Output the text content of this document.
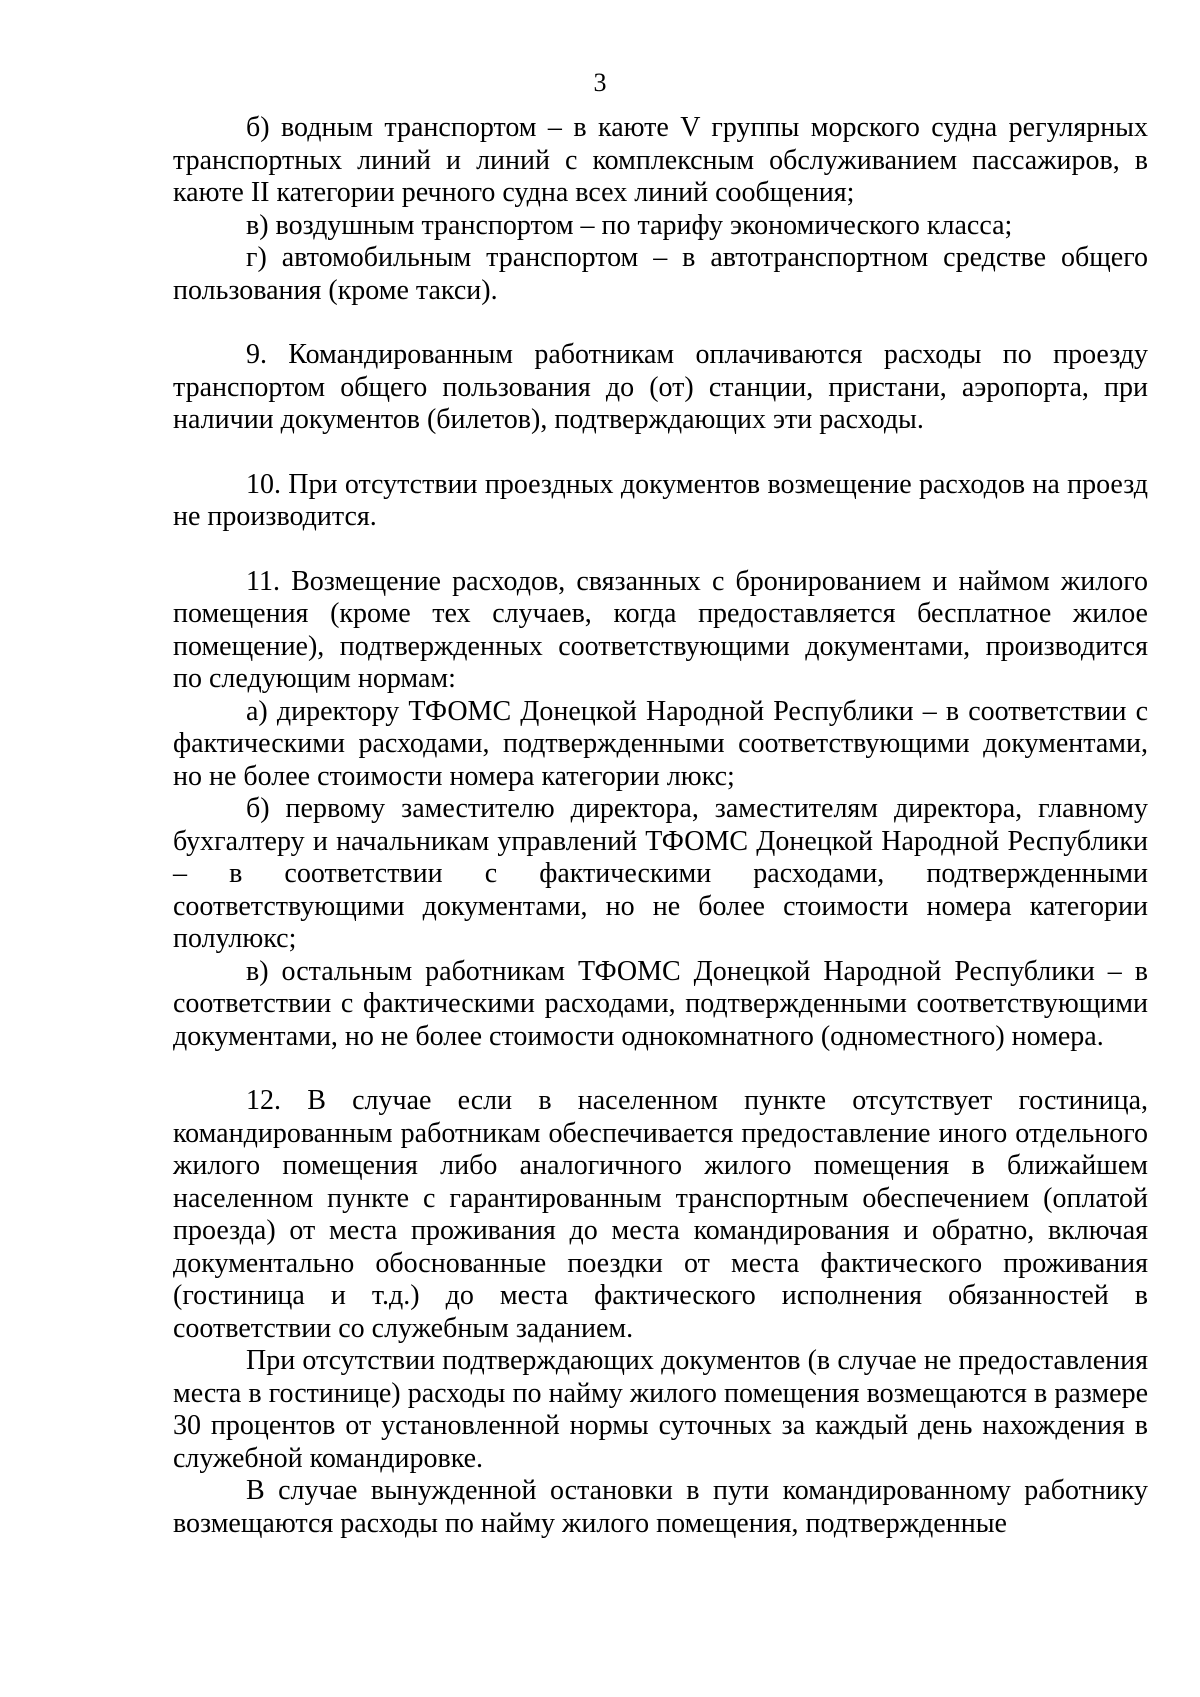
3

б) водным транспортом – в каюте V группы морского судна регулярных транспортных линий и линий с комплексным обслуживанием пассажиров, в каюте II категории речного судна всех линий сообщения;

в) воздушным транспортом – по тарифу экономического класса;

г) автомобильным транспортом – в автотранспортном средстве общего пользования (кроме такси).

9. Командированным работникам оплачиваются расходы по проезду транспортом общего пользования до (от) станции, пристани, аэропорта, при наличии документов (билетов), подтверждающих эти расходы.

10. При отсутствии проездных документов возмещение расходов на проезд не производится.

11. Возмещение расходов, связанных с бронированием и наймом жилого помещения (кроме тех случаев, когда предоставляется бесплатное жилое помещение), подтвержденных соответствующими документами, производится по следующим нормам:

а) директору ТФОМС Донецкой Народной Республики – в соответствии с фактическими расходами, подтвержденными соответствующими документами, но не более стоимости номера категории люкс;

б) первому заместителю директора, заместителям директора, главному бухгалтеру и начальникам управлений ТФОМС Донецкой Народной Республики – в соответствии с фактическими расходами, подтвержденными соответствующими документами, но не более стоимости номера категории полулюкс;

в) остальным работникам ТФОМС Донецкой Народной Республики – в соответствии с фактическими расходами, подтвержденными соответствующими документами, но не более стоимости однокомнатного (одноместного) номера.

12. В случае если в населенном пункте отсутствует гостиница, командированным работникам обеспечивается предоставление иного отдельного жилого помещения либо аналогичного жилого помещения в ближайшем населенном пункте с гарантированным транспортным обеспечением (оплатой проезда) от места проживания до места командирования и обратно, включая документально обоснованные поездки от места фактического проживания (гостиница и т.д.) до места фактического исполнения обязанностей в соответствии со служебным заданием.

При отсутствии подтверждающих документов (в случае не предоставления места в гостинице) расходы по найму жилого помещения возмещаются в размере 30 процентов от установленной нормы суточных за каждый день нахождения в служебной командировке.

В случае вынужденной остановки в пути командированному работнику возмещаются расходы по найму жилого помещения, подтвержденные
